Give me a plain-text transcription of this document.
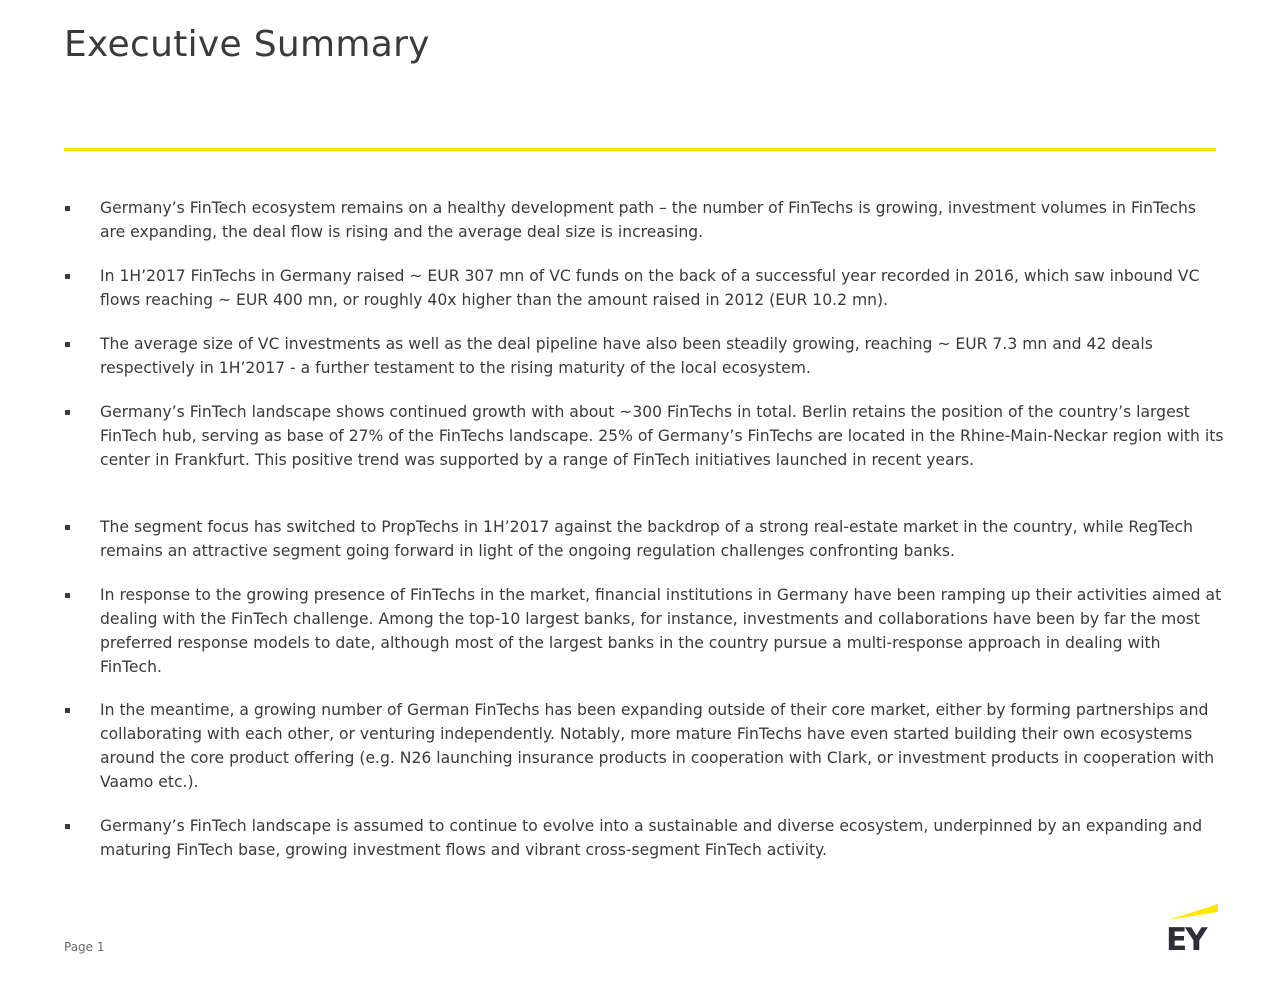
Executive Summary
Germany’s FinTech ecosystem remains on a healthy development path – the number of FinTechs is growing, investment volumes in FinTechs are expanding, the deal flow is rising and the average deal size is increasing.
In 1H’2017 FinTechs in Germany raised ~ EUR 307 mn of VC funds on the back of a successful year recorded in 2016, which saw inbound VC flows reaching ~ EUR 400 mn, or roughly 40x higher than the amount raised in 2012 (EUR 10.2 mn).
The average size of VC investments as well as the deal pipeline have also been steadily growing, reaching ~ EUR 7.3 mn and 42 deals respectively in 1H’2017 - a further testament to the rising maturity of the local ecosystem.
Germany’s FinTech landscape shows continued growth with about ~300 FinTechs in total. Berlin retains the position of the country’s largest FinTech hub, serving as base of 27% of the FinTechs landscape. 25% of Germany’s FinTechs are located in the Rhine-Main-Neckar region with its center in Frankfurt. This positive trend was supported by a range of FinTech initiatives launched in recent years.
The segment focus has switched to PropTechs in 1H’2017 against the backdrop of a strong real-estate market in the country, while RegTech remains an attractive segment going forward in light of the ongoing regulation challenges confronting banks.
In response to the growing presence of FinTechs in the market, financial institutions in Germany have been ramping up their activities aimed at dealing with the FinTech challenge. Among the top-10 largest banks, for instance, investments and collaborations have been by far the most preferred response models to date, although most of the largest banks in the country pursue a multi-response approach in dealing with FinTech.
In the meantime, a growing number of German FinTechs has been expanding outside of their core market, either by forming partnerships and collaborating with each other, or venturing independently. Notably, more mature FinTechs have even started building their own ecosystems around the core product offering (e.g. N26 launching insurance products in cooperation with Clark, or investment products in cooperation with Vaamo etc.).
Germany’s FinTech landscape is assumed to continue to evolve into a sustainable and diverse ecosystem, underpinned by an expanding and maturing FinTech base, growing investment flows and vibrant cross-segment FinTech activity.
Page 1	EY
